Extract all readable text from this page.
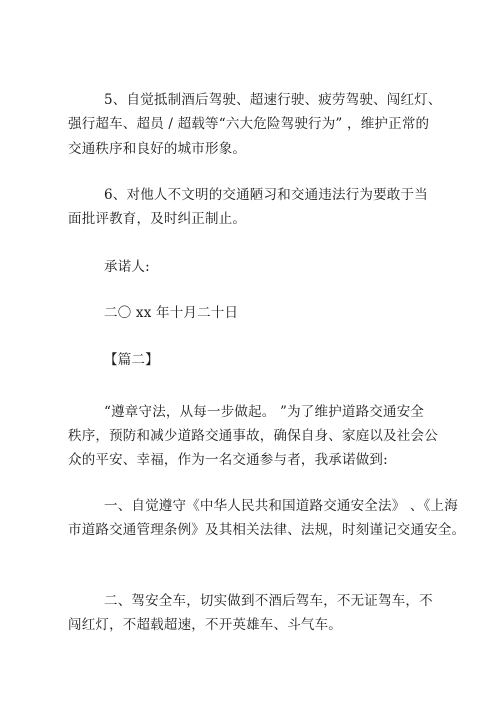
5、自觉抵制酒后驾驶、超速行驶、疲劳驾驶、闯红灯、
强行超车、超员 / 超载等“六大危险驾驶行为” ，维护正常的
交通秩序和良好的城市形象。
6、对他人不文明的交通陋习和交通违法行为要敢于当
面批评教育，及时纠正制止。
承诺人:
二〇 xx 年十月二十日
【篇二】
“遵章守法，从每一步做起。 ”为了维护道路交通安全
秩序，预防和减少道路交通事故，确保自身、家庭以及社会公
众的平安、幸福，作为一名交通参与者，我承诺做到:
一、自觉遵守《中华人民共和国道路交通安全法》 、《上海
市道路交通管理条例》及其相关法律、法规，时刻谨记交通安全。
二、驾安全车，切实做到不酒后驾车，不无证驾车，不
闯红灯，不超载超速，不开英雄车、斗气车。
